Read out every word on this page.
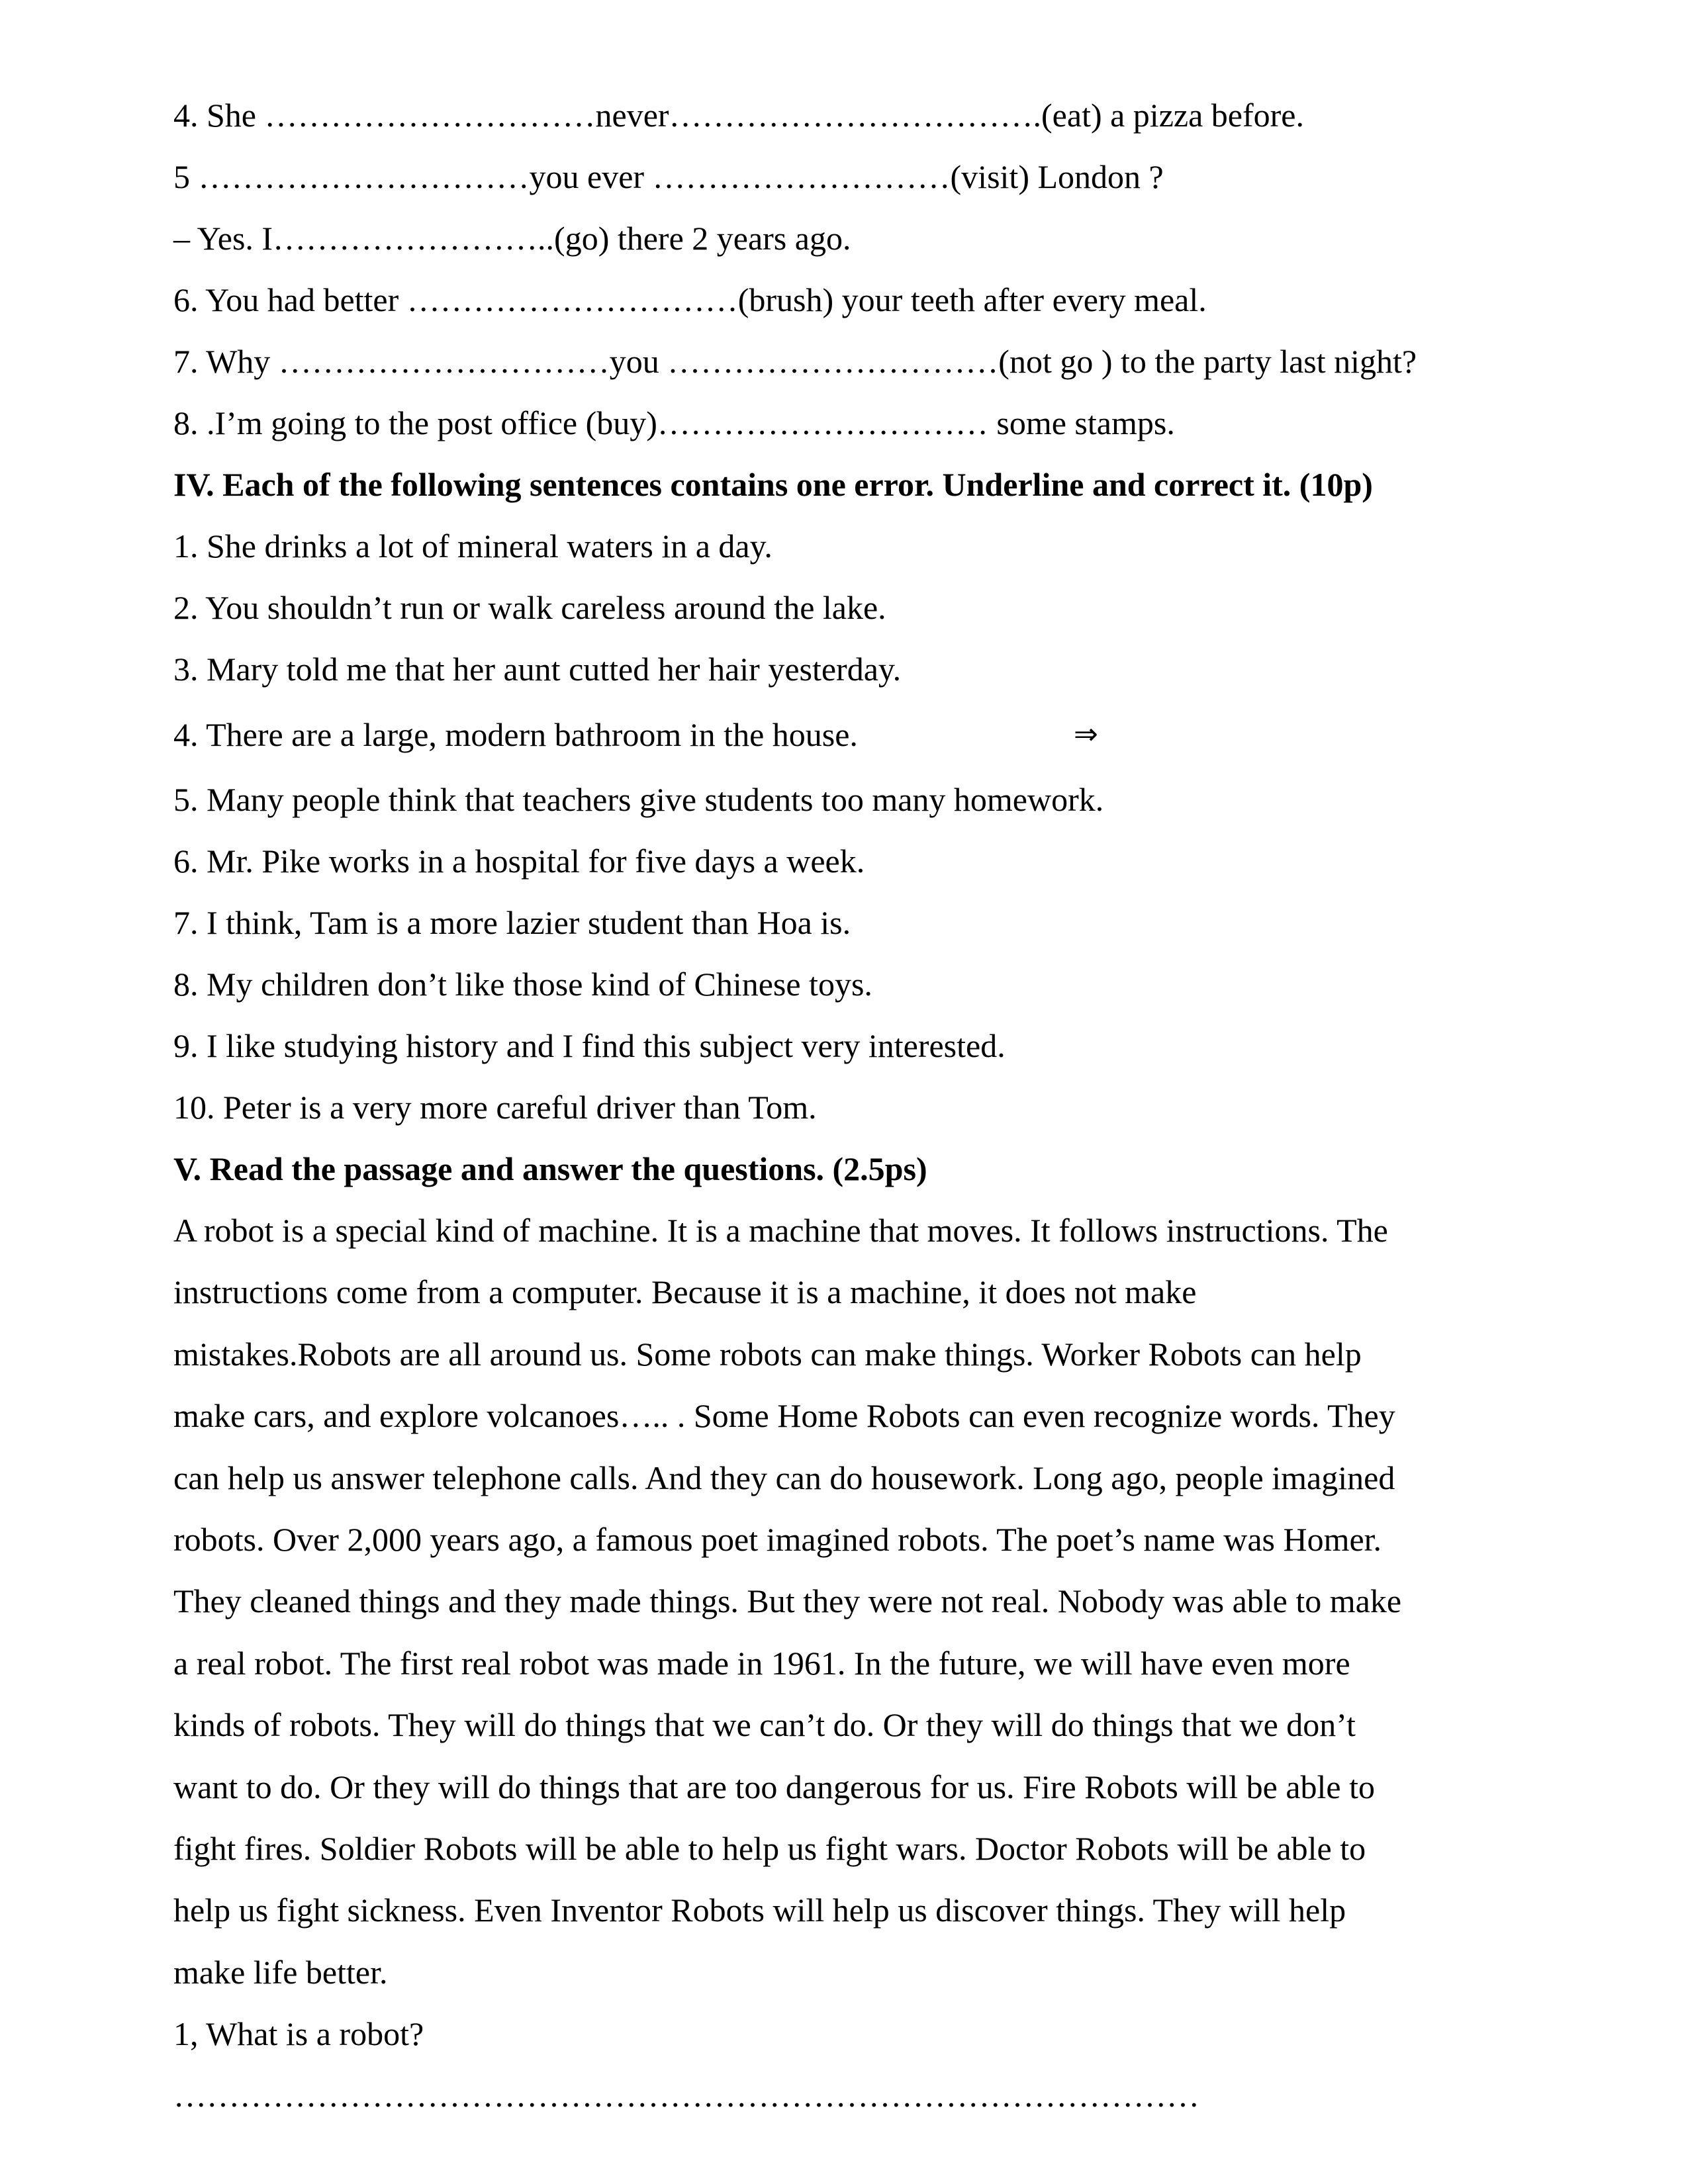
4. She …………………………never…………………………….(eat) a pizza before.

5 …………………………you ever ………………………(visit) London ?

– Yes. I……………………..(go) there 2 years ago.

6. You had better …………………………(brush) your teeth after every meal.

7. Why …………………………you …………………………(not go ) to the party last night?

8. .I’m going to the post office (buy)………………………… some stamps.

IV. Each of the following sentences contains one error. Underline and correct it. (10p)

1. She drinks a lot of mineral waters in a day.

2. You shouldn’t run or walk careless around the lake.

3. Mary told me that her aunt cutted her hair yesterday.

4. There are a large, modern bathroom in the house.	⇒

5. Many people think that teachers give students too many homework.

6. Mr. Pike works in a hospital for five days a week.

7. I think, Tam is a more lazier student than Hoa is.

8. My children don’t like those kind of Chinese toys.

9. I like studying history and I find this subject very interested.

10. Peter is a very more careful driver than Tom.

V. Read the passage and answer the questions. (2.5ps)

A robot is a special kind of machine. It is a machine that moves. It follows instructions. The

instructions come from a computer. Because it is a machine, it does not make

mistakes.Robots are all around us. Some robots can make things. Worker Robots can help

make cars, and explore volcanoes….. . Some Home Robots can even recognize words. They

can help us answer telephone calls. And they can do housework. Long ago, people imagined

robots. Over 2,000 years ago, a famous poet imagined robots. The poet’s name was Homer.

They cleaned things and they made things. But they were not real. Nobody was able to make

a real robot. The first real robot was made in 1961. In the future, we will have even more

kinds of robots. They will do things that we can’t do. Or they will do things that we don’t

want to do. Or they will do things that are too dangerous for us. Fire Robots will be able to

fight fires. Soldier Robots will be able to help us fight wars. Doctor Robots will be able to

help us fight sickness. Even Inventor Robots will help us discover things. They will help

make life better.

1, What is a robot?

…………………………………………………………………………………
